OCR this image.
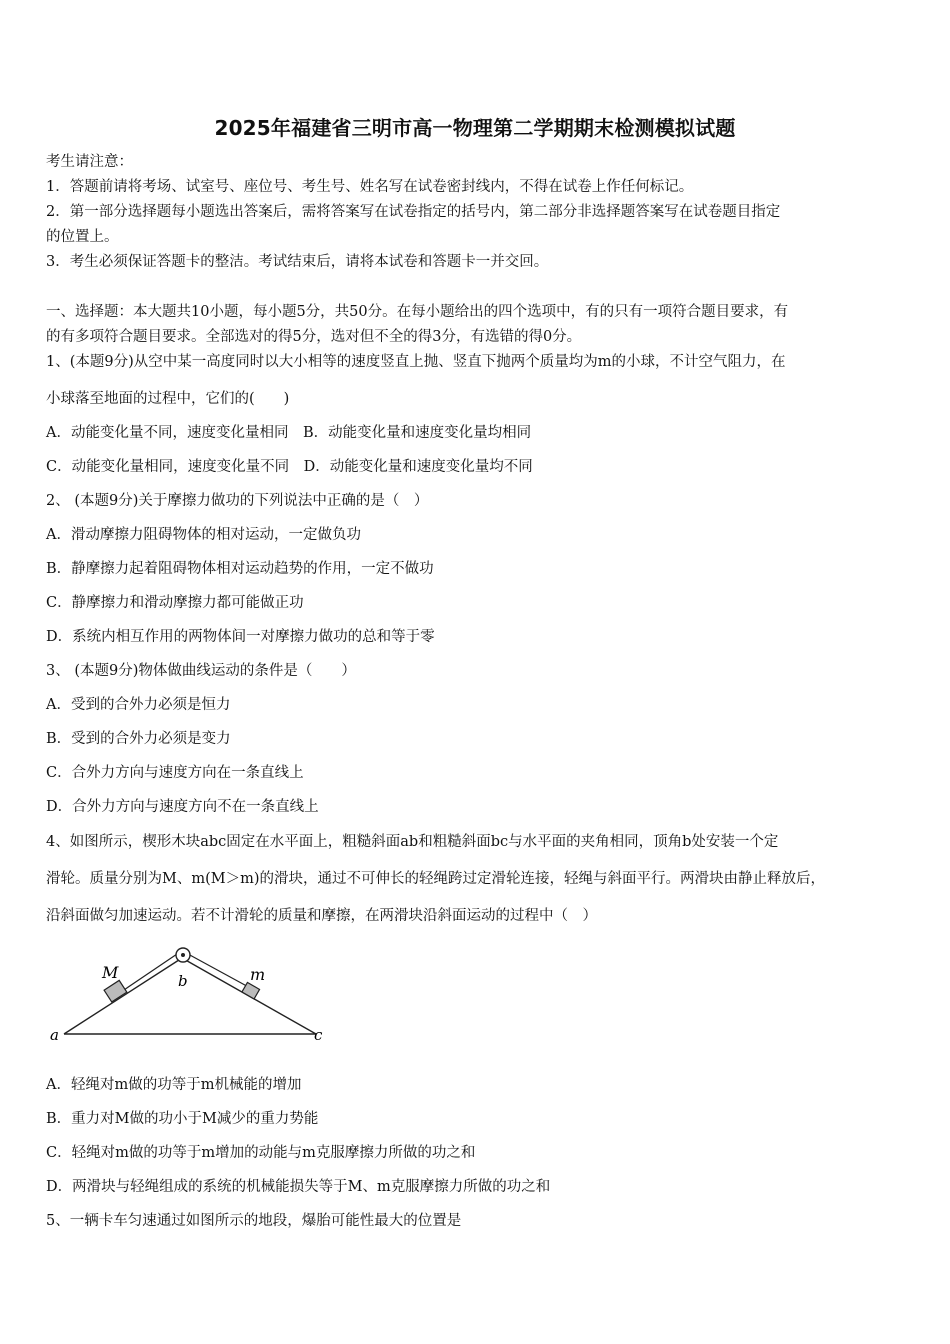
2025年福建省三明市高一物理第二学期期末检测模拟试题
考生请注意：
1．答题前请将考场、试室号、座位号、考生号、姓名写在试卷密封线内，不得在试卷上作任何标记。
2．第一部分选择题每小题选出答案后，需将答案写在试卷指定的括号内，第二部分非选择题答案写在试卷题目指定
的位置上。
3．考生必须保证答题卡的整洁。考试结束后，请将本试卷和答题卡一并交回。
一、选择题：本大题共10小题，每小题5分，共50分。在每小题给出的四个选项中，有的只有一项符合题目要求，有
的有多项符合题目要求。全部选对的得5分，选对但不全的得3分，有选错的得0分。
1、(本题9分)从空中某一高度同时以大小相等的速度竖直上抛、竖直下抛两个质量均为m的小球，不计空气阻力，在
小球落至地面的过程中，它们的(　　)
A．动能变化量不同，速度变化量相同　B．动能变化量和速度变化量均相同
C．动能变化量相同，速度变化量不同　D．动能变化量和速度变化量均不同
2、 (本题9分)关于摩擦力做功的下列说法中正确的是（　）
A．滑动摩擦力阻碍物体的相对运动，一定做负功
B．静摩擦力起着阻碍物体相对运动趋势的作用，一定不做功
C．静摩擦力和滑动摩擦力都可能做正功
D．系统内相互作用的两物体间一对摩擦力做功的总和等于零
3、 (本题9分)物体做曲线运动的条件是（　　）
A．受到的合外力必须是恒力
B．受到的合外力必须是变力
C．合外力方向与速度方向在一条直线上
D．合外力方向与速度方向不在一条直线上
4、如图所示，楔形木块abc固定在水平面上，粗糙斜面ab和粗糙斜面bc与水平面的夹角相同，顶角b处安装一个定
滑轮。质量分别为M、m(M＞m)的滑块，通过不可伸长的轻绳跨过定滑轮连接，轻绳与斜面平行。两滑块由静止释放后，
沿斜面做匀加速运动。若不计滑轮的质量和摩擦，在两滑块沿斜面运动的过程中（　）
M	m
b
a	c
A．轻绳对m做的功等于m机械能的增加
B．重力对M做的功小于M减少的重力势能
C．轻绳对m做的功等于m增加的动能与m克服摩擦力所做的功之和
D．两滑块与轻绳组成的系统的机械能损失等于M、m克服摩擦力所做的功之和
5、一辆卡车匀速通过如图所示的地段，爆胎可能性最大的位置是
